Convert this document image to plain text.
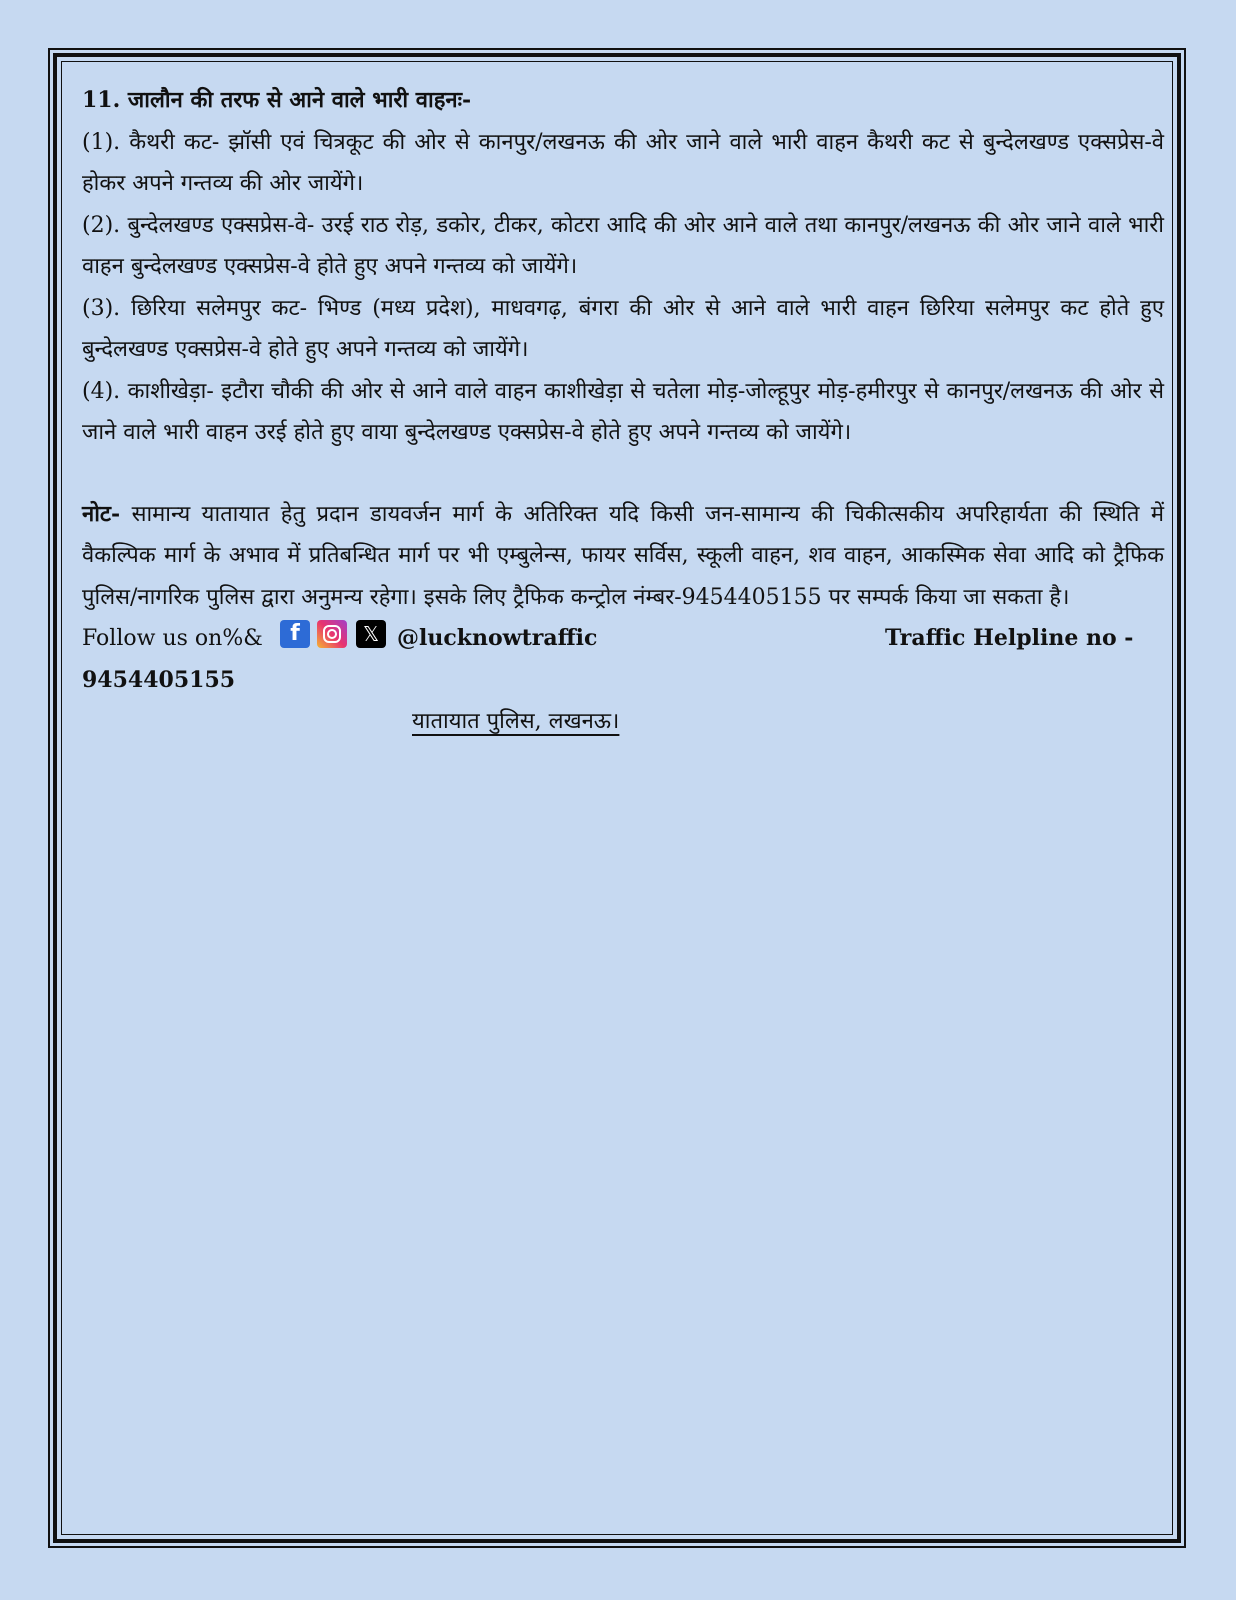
11. जालौन की तरफ से आने वाले भारी वाहनः-

(1). कैथरी कट- झॉसी एवं चित्रकूट की ओर से कानपुर/लखनऊ की ओर जाने वाले भारी वाहन कैथरी कट से बुन्देलखण्ड एक्सप्रेस-वे होकर अपने गन्तव्य की ओर जायेंगे।

(2). बुन्देलखण्ड एक्सप्रेस-वे- उरई राठ रोड़, डकोर, टीकर, कोटरा आदि की ओर आने वाले तथा कानपुर/लखनऊ की ओर जाने वाले भारी वाहन बुन्देलखण्ड एक्सप्रेस-वे होते हुए अपने गन्तव्य को जायेंगे।

(3). छिरिया सलेमपुर कट- भिण्ड (मध्य प्रदेश), माधवगढ़, बंगरा की ओर से आने वाले भारी वाहन छिरिया सलेमपुर कट होते हुए बुन्देलखण्ड एक्सप्रेस-वे होते हुए अपने गन्तव्य को जायेंगे।

(4). काशीखेड़ा- इटौरा चौकी की ओर से आने वाले वाहन काशीखेड़ा से चतेला मोड़-जोल्हूपुर मोड़-हमीरपुर से कानपुर/लखनऊ की ओर से जाने वाले भारी वाहन उरई होते हुए वाया बुन्देलखण्ड एक्सप्रेस-वे होते हुए अपने गन्तव्य को जायेंगे।

नोट- सामान्य यातायात हेतु प्रदान डायवर्जन मार्ग के अतिरिक्त यदि किसी जन-सामान्य की चिकीत्सकीय अपरिहार्यता की स्थिति में वैकल्पिक मार्ग के अभाव में प्रतिबन्धित मार्ग पर भी एम्बुलेन्स, फायर सर्विस, स्कूली वाहन, शव वाहन, आकस्मिक सेवा आदि को ट्रैफिक पुलिस/नागरिक पुलिस द्वारा अनुमन्य रहेगा। इसके लिए ट्रैफिक कन्ट्रोल नंम्बर-9454405155 पर सम्पर्क किया जा सकता है।

Follow us on%&	f	𝕏 @lucknowtraffic	Traffic Helpline no -

9454405155

यातायात पुलिस, लखनऊ।
